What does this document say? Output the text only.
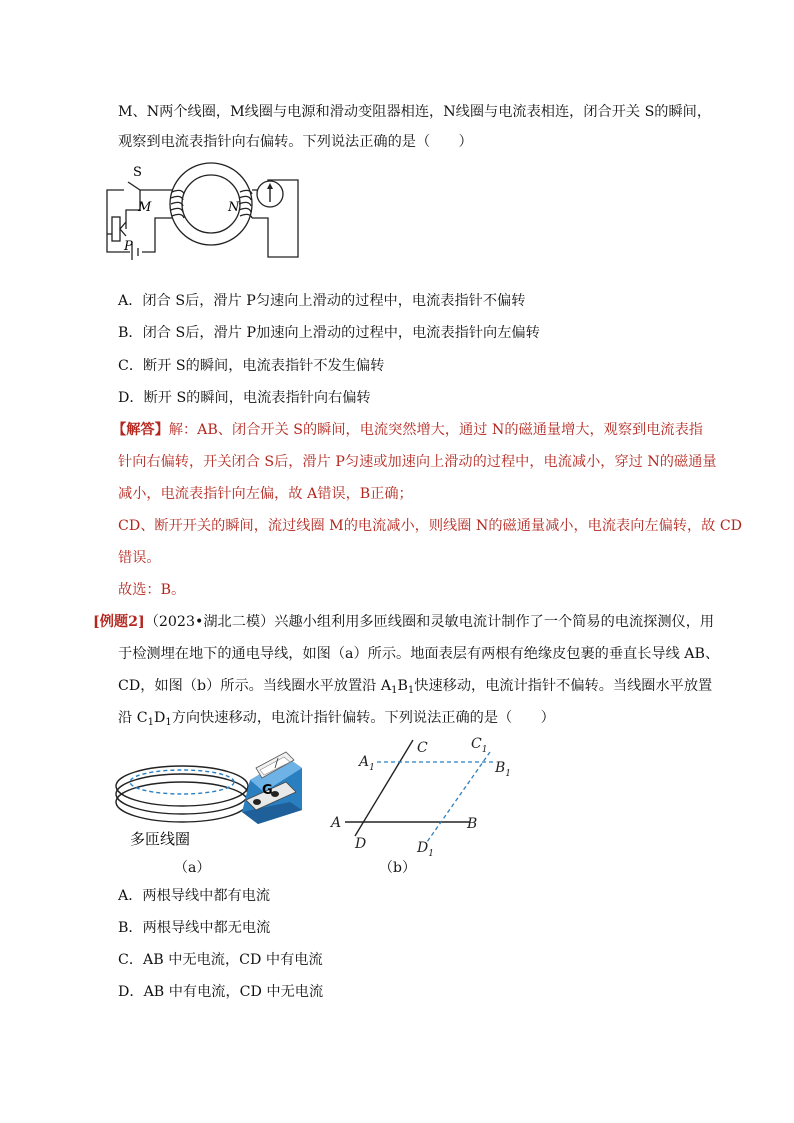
M、N两个线圈，M线圈与电源和滑动变阻器相连，N线圈与电流表相连，闭合开关 S的瞬间，
观察到电流表指针向右偏转。下列说法正确的是（　　）
S
M	N
P
A．闭合 S后，滑片 P匀速向上滑动的过程中，电流表指针不偏转
B．闭合 S后，滑片 P加速向上滑动的过程中，电流表指针向左偏转
C．断开 S的瞬间，电流表指针不发生偏转
D．断开 S的瞬间，电流表指针向右偏转
【解答】解：AB、闭合开关 S的瞬间，电流突然增大，通过 N的磁通量增大，观察到电流表指
针向右偏转，开关闭合 S后，滑片 P匀速或加速向上滑动的过程中，电流减小，穿过 N的磁通量
减小，电流表指针向左偏，故 A错误，B正确；
CD、断开开关的瞬间，流过线圈 M的电流减小，则线圈 N的磁通量减小，电流表向左偏转，故 CD
错误。
故选：B。
[例题2]（2023•湖北二模）兴趣小组利用多匝线圈和灵敏电流计制作了一个简易的电流探测仪，用
于检测埋在地下的通电导线，如图（a）所示。地面表层有两根有绝缘皮包裹的垂直长导线 AB、
CD，如图（b）所示。当线圈水平放置沿 $A_1B_1$快速移动，电流计指针不偏转。当线圈水平放置
沿 $C_1D_1$方向快速移动，电流计指针偏转。下列说法正确的是（　　）
G
多匝线圈
（a）
$A_1$
C	$C_1$
$B_1$
A
D
B
$D_1$
（b）
A．两根导线中都有电流
B．两根导线中都无电流
C．AB 中无电流，CD 中有电流
D．AB 中有电流，CD 中无电流
